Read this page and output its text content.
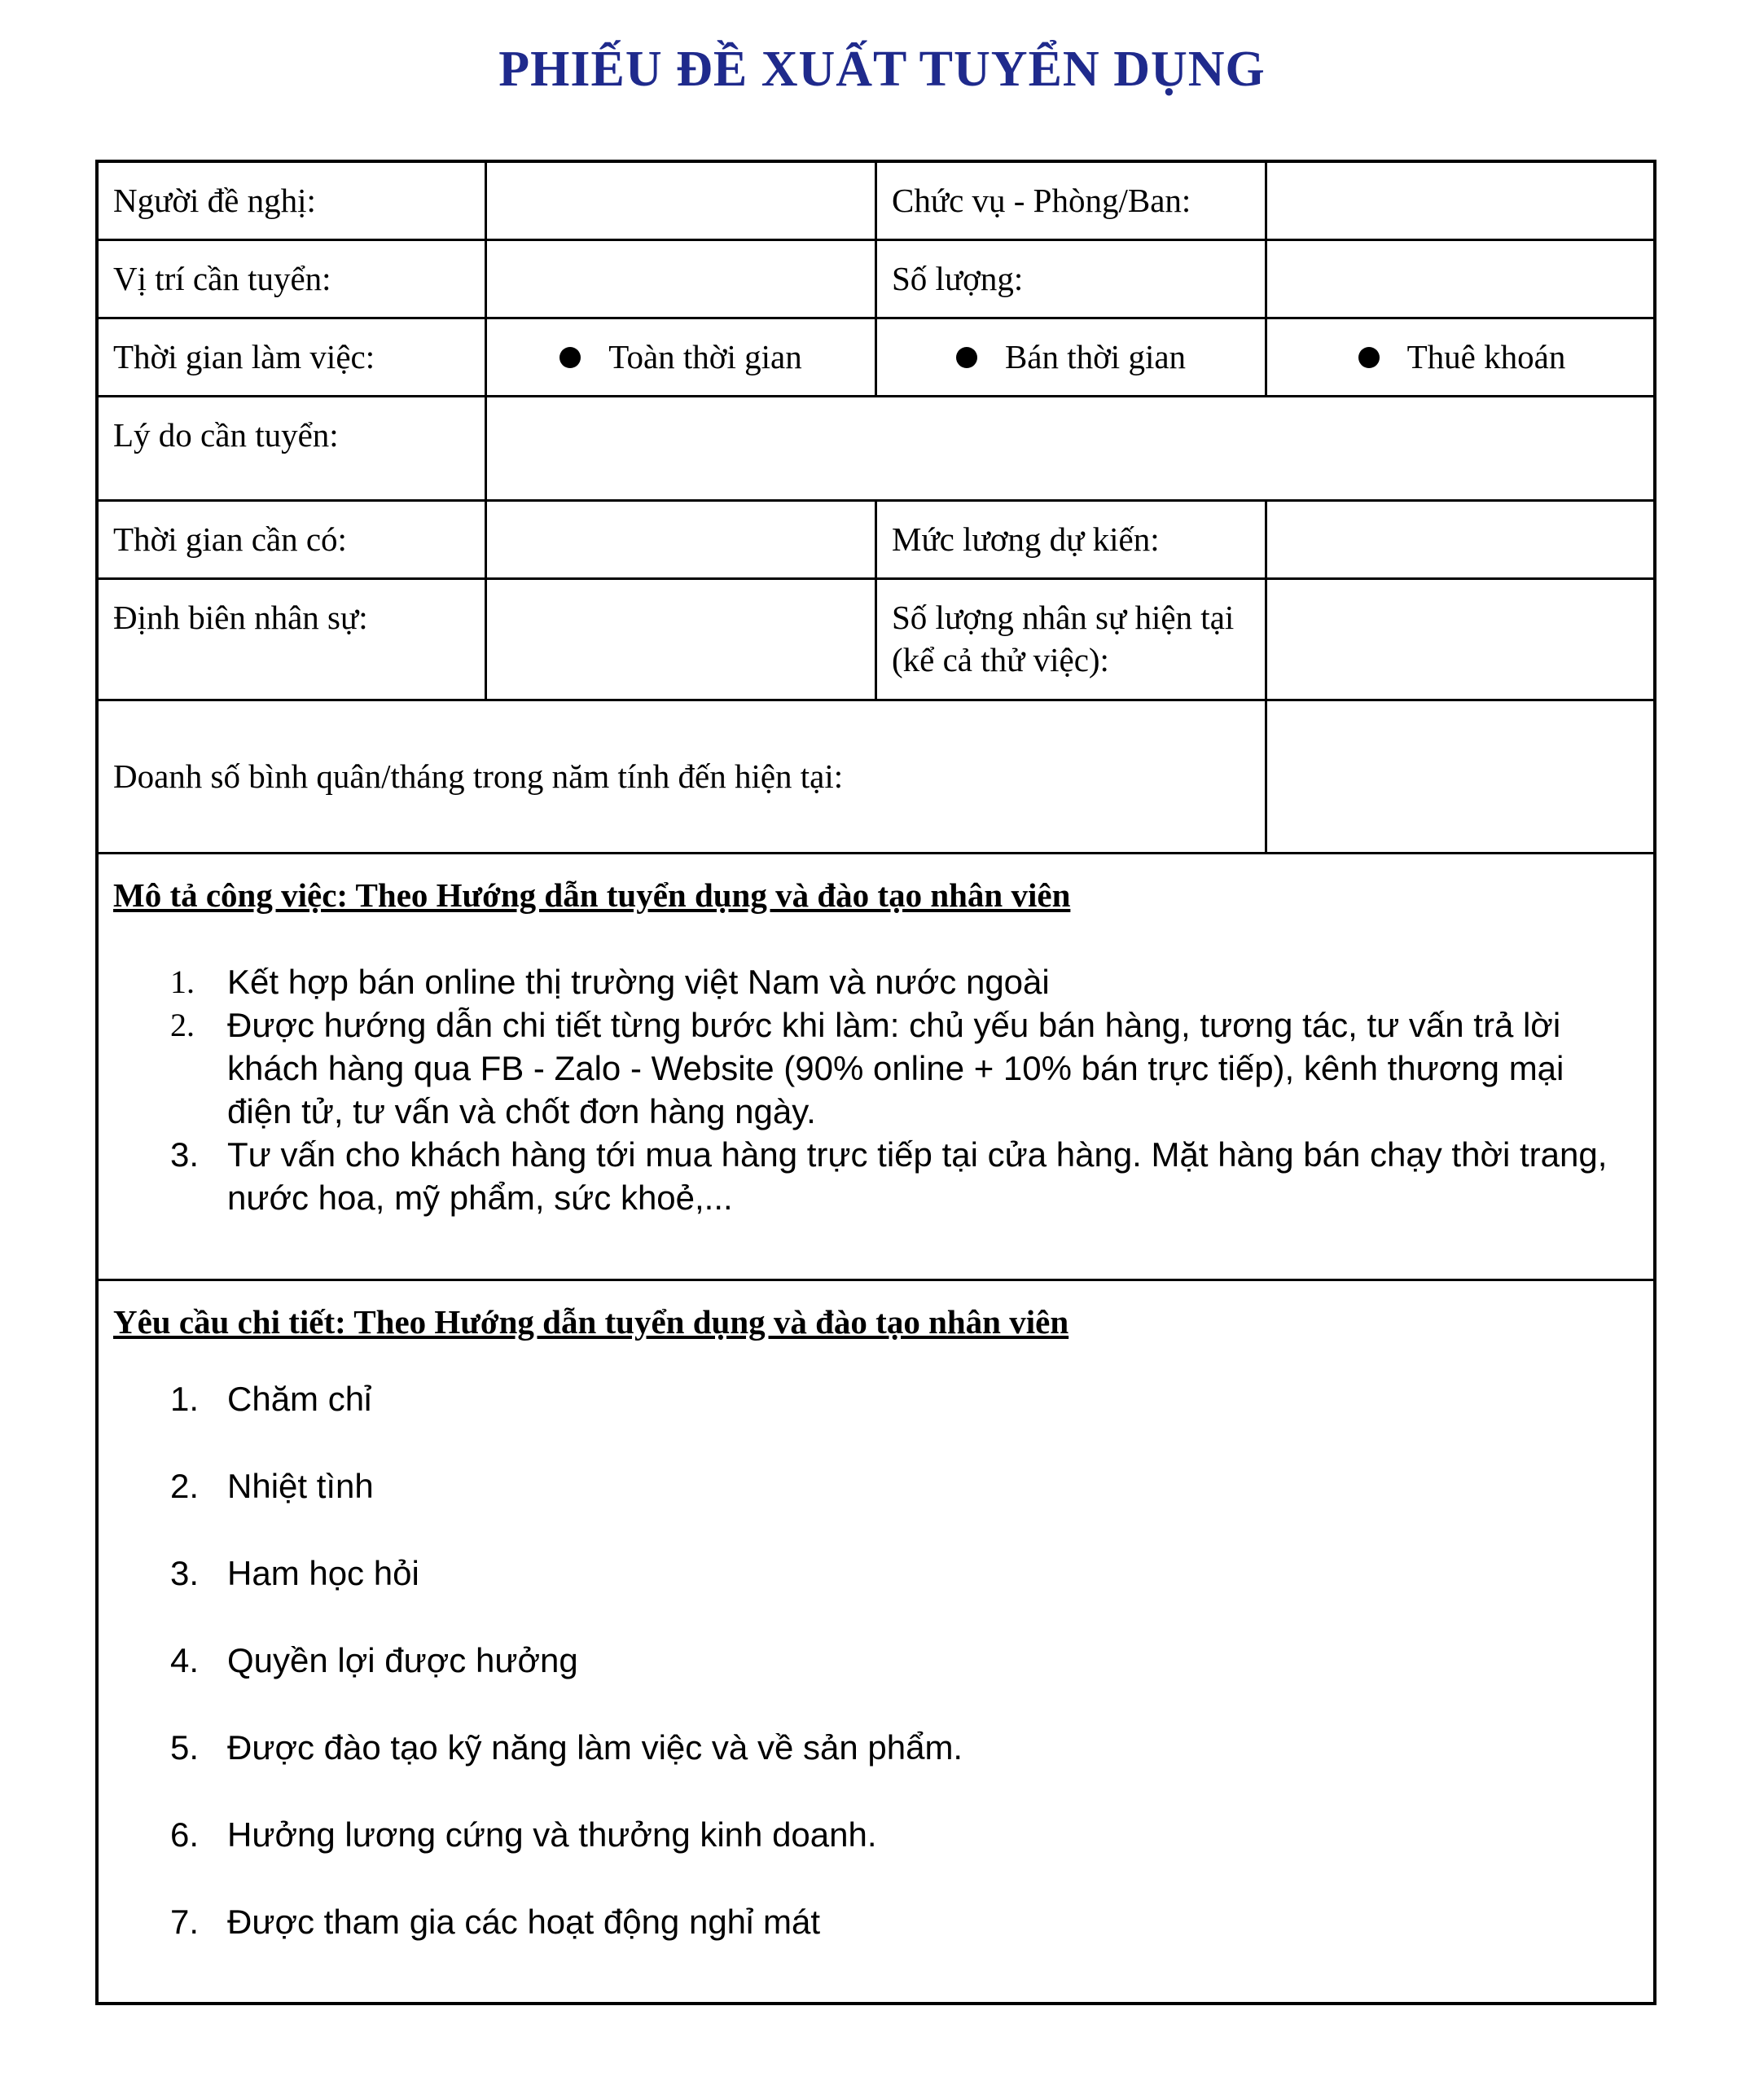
PHIẾU ĐỀ XUẤT TUYỂN DỤNG
Người đề nghị:	Chức vụ - Phòng/Ban:
Vị trí cần tuyển:	Số lượng:
Thời gian làm việc:	Toàn thời gian	Bán thời gian	Thuê khoán
Lý do cần tuyển:
Thời gian cần có:	Mức lương dự kiến:
Định biên nhân sự:	Số lượng nhân sự hiện tại (kể cả thử việc):
Doanh số bình quân/tháng trong năm tính đến hiện tại:
Mô tả công việc: Theo Hướng dẫn tuyển dụng và đào tạo nhân viên
1. Kết hợp bán online thị trường việt Nam và nước ngoài
2. Được hướng dẫn chi tiết từng bước khi làm: chủ yếu bán hàng, tương tác, tư vấn trả lời khách hàng qua FB - Zalo - Website (90% online + 10% bán trực tiếp), kênh thương mại điện tử, tư vấn và chốt đơn hàng ngày.
3. Tư vấn cho khách hàng tới mua hàng trực tiếp tại cửa hàng. Mặt hàng bán chạy thời trang, nước hoa, mỹ phẩm, sức khoẻ,...
Yêu cầu chi tiết: Theo Hướng dẫn tuyển dụng và đào tạo nhân viên
1. Chăm chỉ
2. Nhiệt tình
3. Ham học hỏi
4. Quyền lợi được hưởng
5. Được đào tạo kỹ năng làm việc và về sản phẩm.
6. Hưởng lương cứng và thưởng kinh doanh.
7. Được tham gia các hoạt động nghỉ mát
